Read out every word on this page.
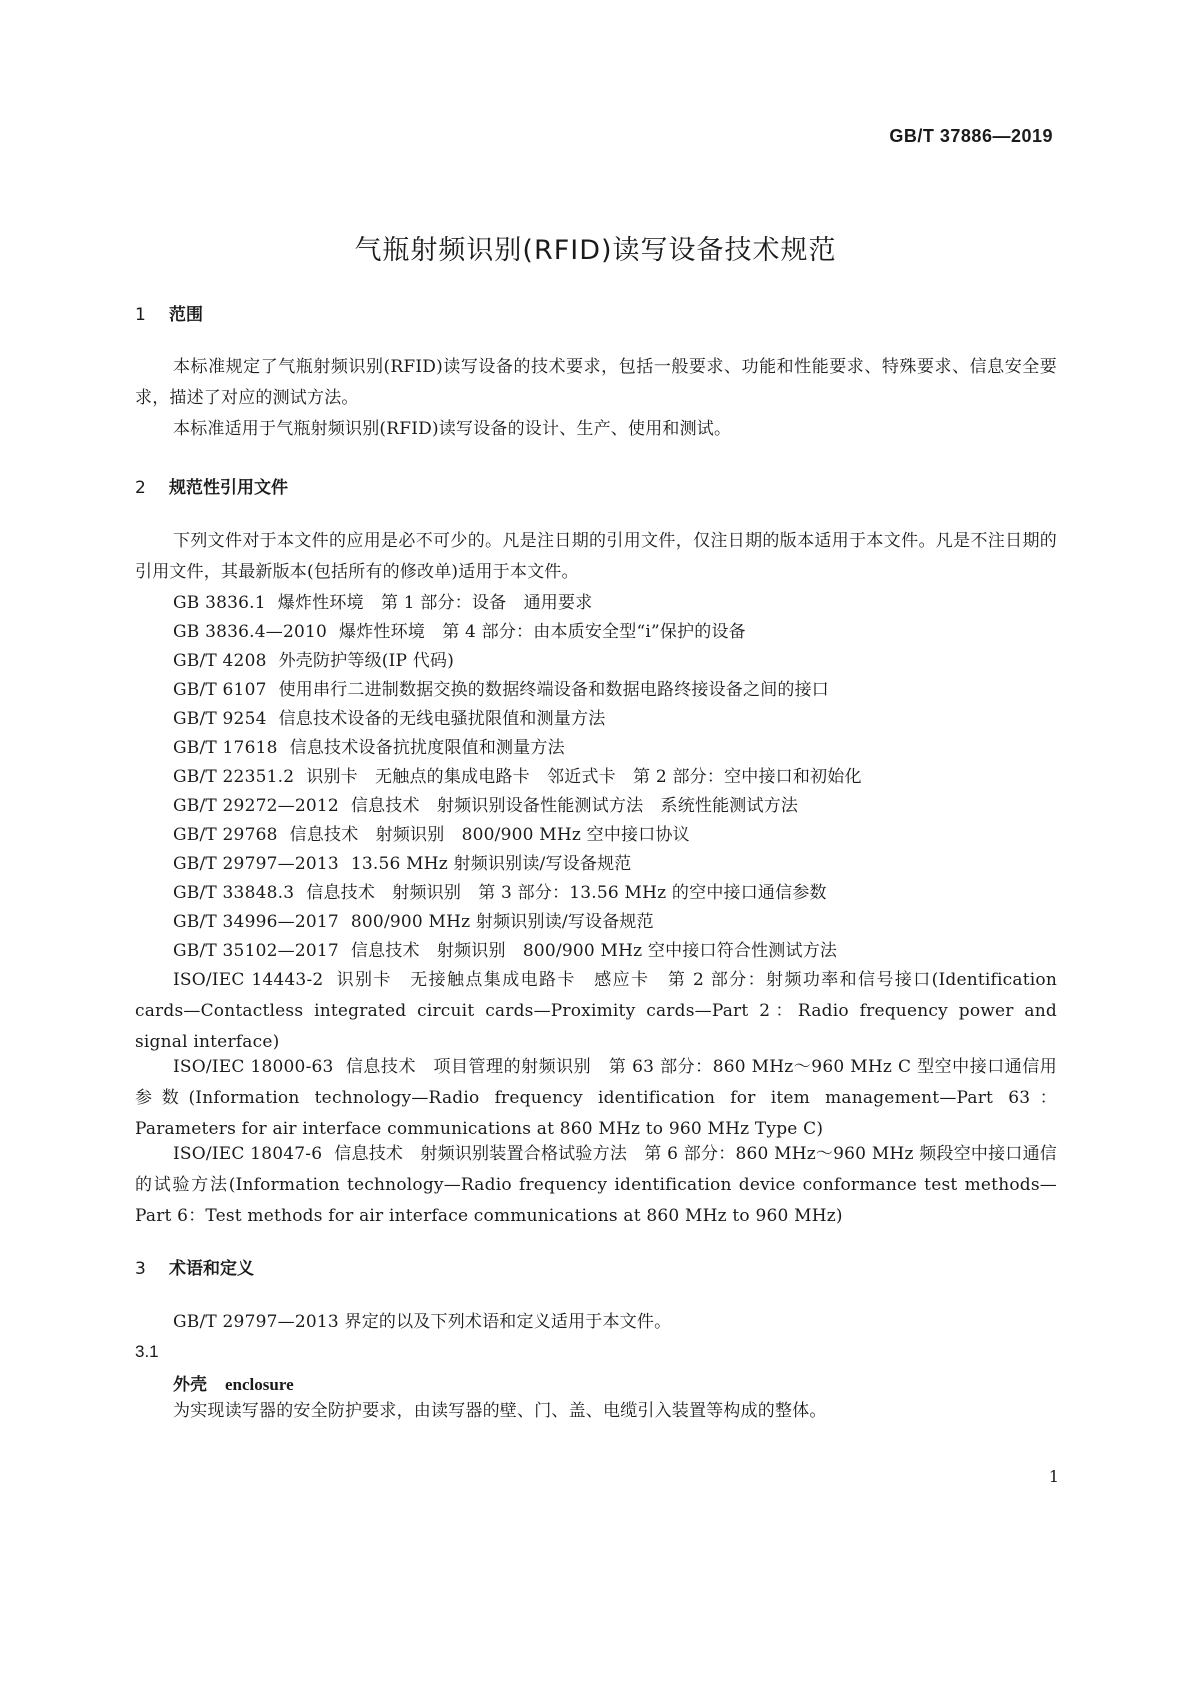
GB/T 37886—2019

气瓶射频识别(RFID)读写设备技术规范
1 范围

本标准规定了气瓶射频识别(RFID)读写设备的技术要求，包括一般要求、功能和性能要求、特殊要求、信息安全要求，描述了对应的测试方法。

本标准适用于气瓶射频识别(RFID)读写设备的设计、生产、使用和测试。

2 规范性引用文件

下列文件对于本文件的应用是必不可少的。凡是注日期的引用文件，仅注日期的版本适用于本文件。凡是不注日期的引用文件，其最新版本(包括所有的修改单)适用于本文件。

GB 3836.1 爆炸性环境　第 1 部分：设备　通用要求

GB 3836.4—2010 爆炸性环境　第 4 部分：由本质安全型“i”保护的设备

GB/T 4208 外壳防护等级(IP 代码)

GB/T 6107 使用串行二进制数据交换的数据终端设备和数据电路终接设备之间的接口

GB/T 9254 信息技术设备的无线电骚扰限值和测量方法

GB/T 17618 信息技术设备抗扰度限值和测量方法

GB/T 22351.2 识别卡　无触点的集成电路卡　邻近式卡　第 2 部分：空中接口和初始化

GB/T 29272—2012 信息技术　射频识别设备性能测试方法　系统性能测试方法

GB/T 29768 信息技术　射频识别　800/900 MHz 空中接口协议

GB/T 29797—2013 13.56 MHz 射频识别读/写设备规范

GB/T 33848.3 信息技术　射频识别　第 3 部分：13.56 MHz 的空中接口通信参数

GB/T 34996—2017 800/900 MHz 射频识别读/写设备规范

GB/T 35102—2017 信息技术　射频识别　800/900 MHz 空中接口符合性测试方法

ISO/IEC 14443-2 识别卡　无接触点集成电路卡　感应卡　第 2 部分：射频功率和信号接口(Identification cards—Contactless integrated circuit cards—Proximity cards—Part 2：Radio frequency power and signal interface)

ISO/IEC 18000-63 信息技术　项目管理的射频识别　第 63 部分：860 MHz～960 MHz C 型空中接口通信用参数(Information technology—Radio frequency identification for item management—Part 63：Parameters for air interface communications at 860 MHz to 960 MHz Type C)

ISO/IEC 18047-6 信息技术　射频识别装置合格试验方法　第 6 部分：860 MHz～960 MHz 频段空中接口通信的试验方法(Information technology—Radio frequency identification device conformance test methods—Part 6：Test methods for air interface communications at 860 MHz to 960 MHz)

3 术语和定义

GB/T 29797—2013 界定的以及下列术语和定义适用于本文件。

3.1

外壳 enclosure

为实现读写器的安全防护要求，由读写器的壁、门、盖、电缆引入装置等构成的整体。

1
